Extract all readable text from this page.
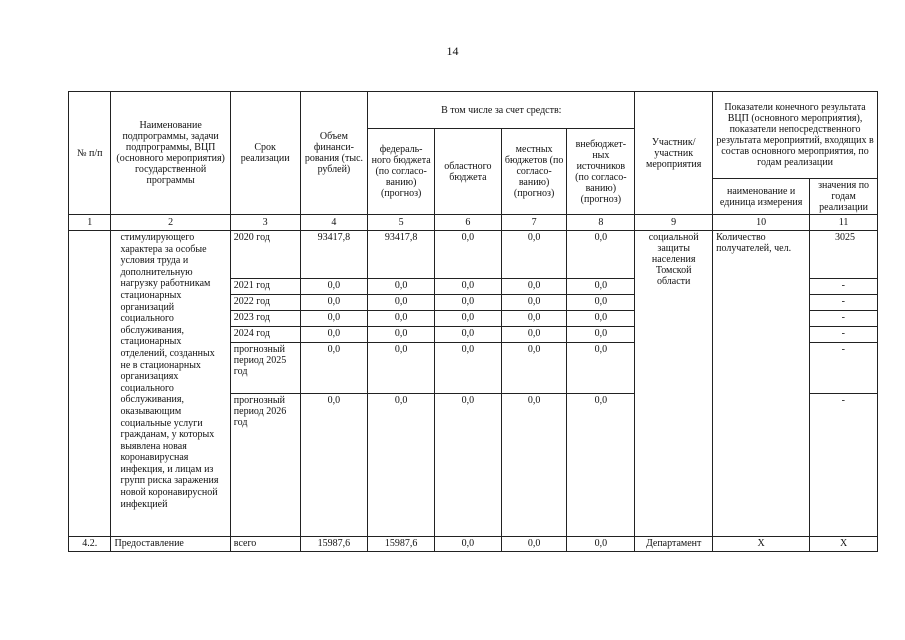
14
№ п/п	Наименование подпрограммы, задачи подпрограммы, ВЦП (основного мероприятия) государственной программы	Срок реализации	Объем финанси-рования (тыс. рублей)	В том числе за счет средств:				Участник/ участник мероприятия	Показатели конечного результата ВЦП (основного мероприятия), показатели непосредственного результата мероприятий, входящих в состав основного мероприятия, по годам реализации	
				федераль-ного бюджета (по согласо-ванию) (прогноз)	областного бюджета	местных бюджетов (по согласо-ванию) (прогноз)	внебюджет-ных источников (по согласо-ванию) (прогноз)			
									наименование и единица измерения	значения по годам реализации
1	2	3	4	5	6	7	8	9	10	11
	стимулирующего характера за особые условия труда и дополнительную нагрузку работникам стационарных организаций социального обслуживания, стационарных отделений, созданных не в стационарных организациях социального обслуживания, оказывающим социальные услуги гражданам, у которых выявлена новая коронавирусная инфекция, и лицам из групп риска заражения новой коронавирусной инфекцией	2020 год	93417,8	93417,8	0,0	0,0	0,0	социальной защиты населения Томской области	Количество получателей, чел.	3025
		2021 год	0,0	0,0	0,0	0,0	0,0			-
		2022 год	0,0	0,0	0,0	0,0	0,0			-
		2023 год	0,0	0,0	0,0	0,0	0,0			-
		2024 год	0,0	0,0	0,0	0,0	0,0			-
		прогнозный период 2025 год	0,0	0,0	0,0	0,0	0,0			-
		прогнозный период 2026 год	0,0	0,0	0,0	0,0	0,0			-
4.2.	Предоставление	всего	15987,6	15987,6	0,0	0,0	0,0	Департамент	X	X
